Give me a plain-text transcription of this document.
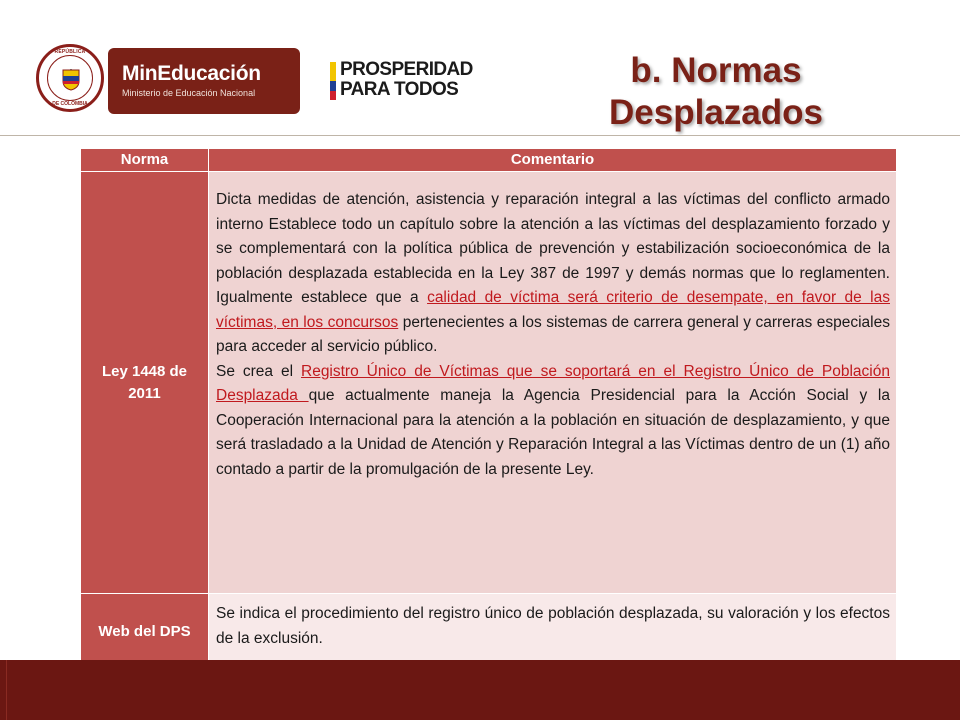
REPÚBLICA
DE COLOMBIA
MinEducación
Ministerio de Educación Nacional
PROSPERIDAD
PARA TODOS	b. Normas
Desplazados
Norma	Comentario
Ley 1448 de 2011
Dicta medidas de atención, asistencia y reparación integral a las víctimas del conflicto armado interno Establece todo un capítulo sobre la atención a las víctimas del desplazamiento forzado y se complementará con la política pública de prevención y estabilización socioeconómica de la población desplazada establecida en la Ley 387 de 1997 y demás normas que lo reglamenten. Igualmente establece que a calidad de víctima será criterio de desempate, en favor de las víctimas, en los concursos pertenecientes a los sistemas de carrera general y carreras especiales para acceder al servicio público.
Se crea el Registro Único de Víctimas que se soportará en el Registro Único de Población Desplazada que actualmente maneja la Agencia Presidencial para la Acción Social y la Cooperación Internacional para la atención a la población en situación de desplazamiento, y que será trasladado a la Unidad de Atención y Reparación Integral a las Víctimas dentro de un (1) año contado a partir de la promulgación de la presente Ley.
Web del DPS
Se indica el procedimiento del registro único de población desplazada, su valoración y los efectos de la exclusión.
